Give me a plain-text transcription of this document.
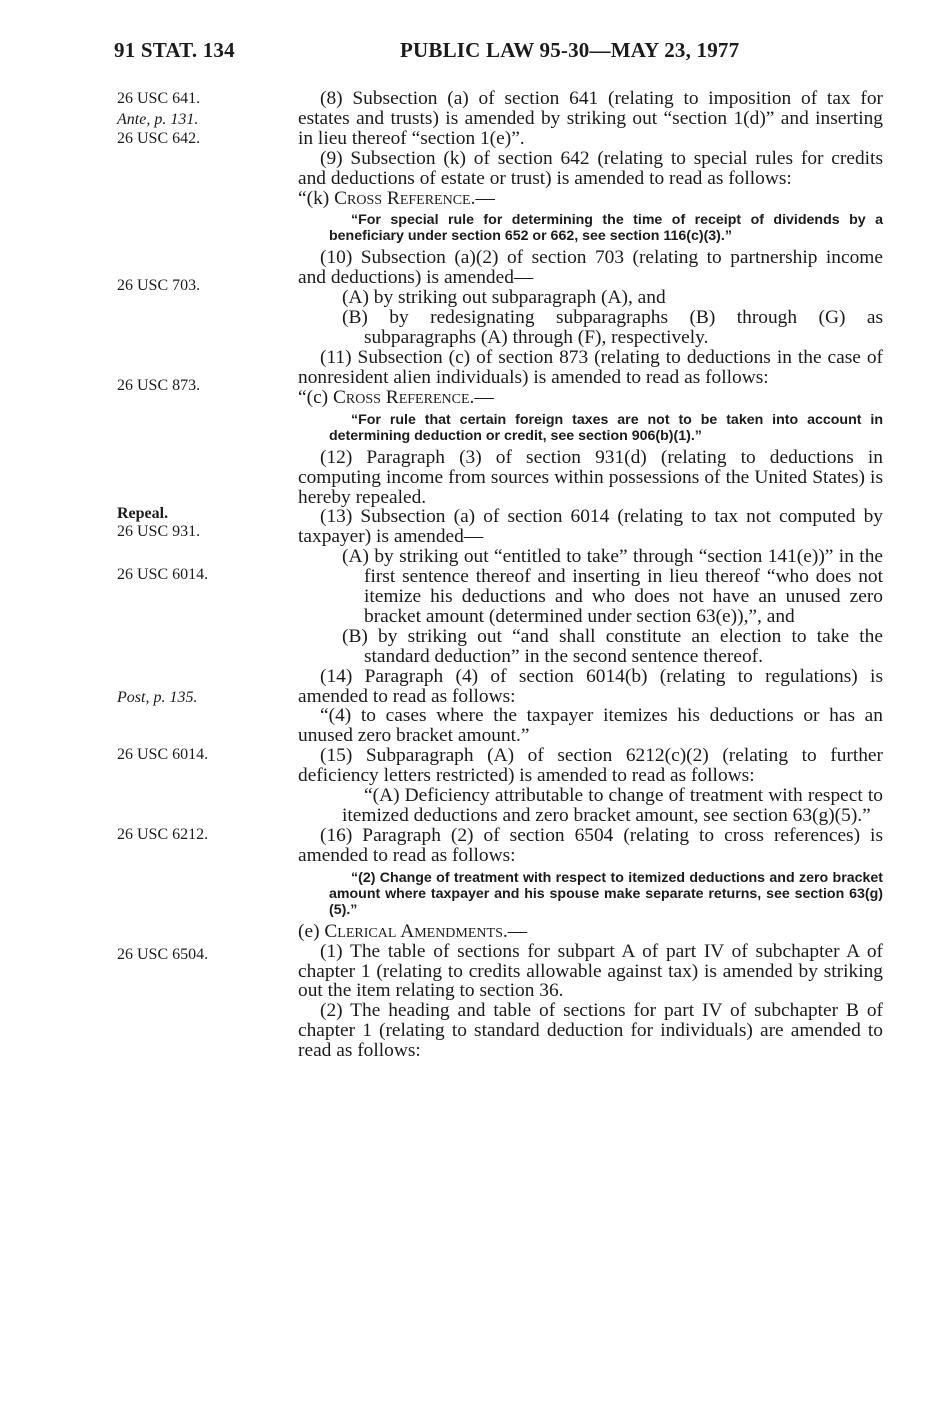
91 STAT. 134	PUBLIC LAW 95-30—MAY 23, 1977
26 USC 641.
Ante, p. 131.
26 USC 642.
26 USC 703.
26 USC 873.
Repeal.
26 USC 931.
26 USC 6014.
Post, p. 135.
26 USC 6014.
26 USC 6212.
26 USC 6504.
(8) Subsection (a) of section 641 (relating to imposition of tax for estates and trusts) is amended by striking out “section 1(d)” and inserting in lieu thereof “section 1(e)”.
(9) Subsection (k) of section 642 (relating to special rules for credits and deductions of estate or trust) is amended to read as follows:
“(k) Cross Reference.—
“For special rule for determining the time of receipt of dividends by a beneficiary under section 652 or 662, see section 116(c)(3).”
(10) Subsection (a)(2) of section 703 (relating to partnership income and deductions) is amended—
(A) by striking out subparagraph (A), and
(B) by redesignating subparagraphs (B) through (G) as subparagraphs (A) through (F), respectively.
(11) Subsection (c) of section 873 (relating to deductions in the case of nonresident alien individuals) is amended to read as follows:
“(c) Cross Reference.—
“For rule that certain foreign taxes are not to be taken into account in determining deduction or credit, see section 906(b)(1).”
(12) Paragraph (3) of section 931(d) (relating to deductions in computing income from sources within possessions of the United States) is hereby repealed.
(13) Subsection (a) of section 6014 (relating to tax not computed by taxpayer) is amended—
(A) by striking out “entitled to take” through “section 141(e))” in the first sentence thereof and inserting in lieu thereof “who does not itemize his deductions and who does not have an unused zero bracket amount (determined under section 63(e)),”, and
(B) by striking out “and shall constitute an election to take the standard deduction” in the second sentence thereof.
(14) Paragraph (4) of section 6014(b) (relating to regulations) is amended to read as follows:
“(4) to cases where the taxpayer itemizes his deductions or has an unused zero bracket amount.”
(15) Subparagraph (A) of section 6212(c)(2) (relating to further deficiency letters restricted) is amended to read as follows:
“(A) Deficiency attributable to change of treatment with respect to itemized deductions and zero bracket amount, see section 63(g)(5).”
(16) Paragraph (2) of section 6504 (relating to cross references) is amended to read as follows:
“(2) Change of treatment with respect to itemized deductions and zero bracket amount where taxpayer and his spouse make separate returns, see section 63(g)(5).”
(e) Clerical Amendments.—
(1) The table of sections for subpart A of part IV of subchapter A of chapter 1 (relating to credits allowable against tax) is amended by striking out the item relating to section 36.
(2) The heading and table of sections for part IV of subchapter B of chapter 1 (relating to standard deduction for individuals) are amended to read as follows:
